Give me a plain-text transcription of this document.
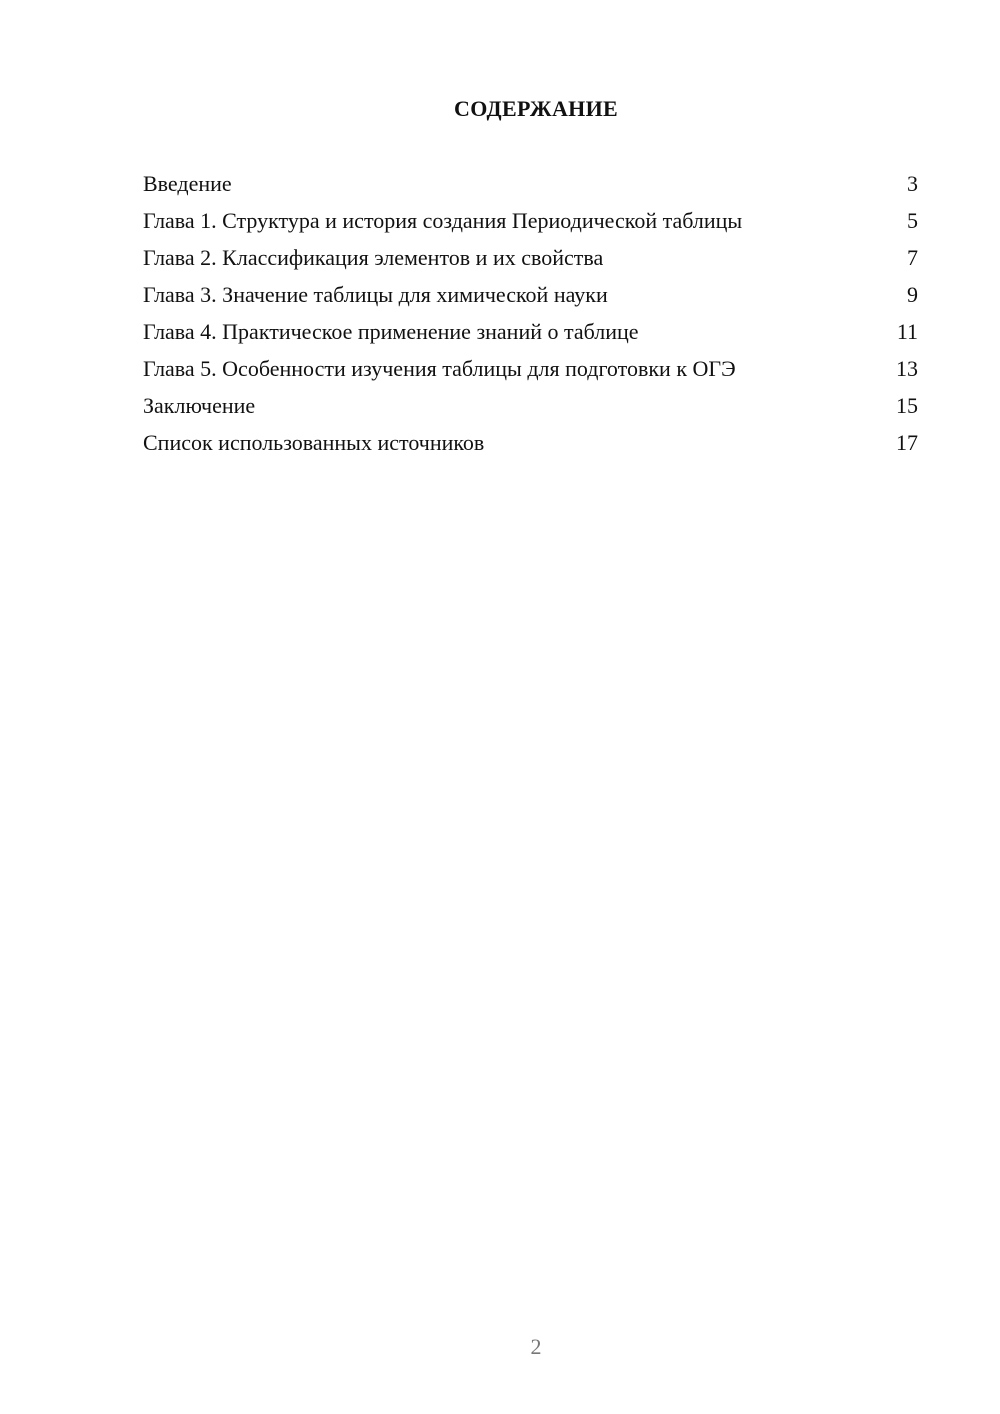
СОДЕРЖАНИЕ
Введение	3
Глава 1. Структура и история создания Периодической таблицы	5
Глава 2. Классификация элементов и их свойства	7
Глава 3. Значение таблицы для химической науки	9
Глава 4. Практическое применение знаний о таблице	11
Глава 5. Особенности изучения таблицы для подготовки к ОГЭ	13
Заключение	15
Список использованных источников	17
2
